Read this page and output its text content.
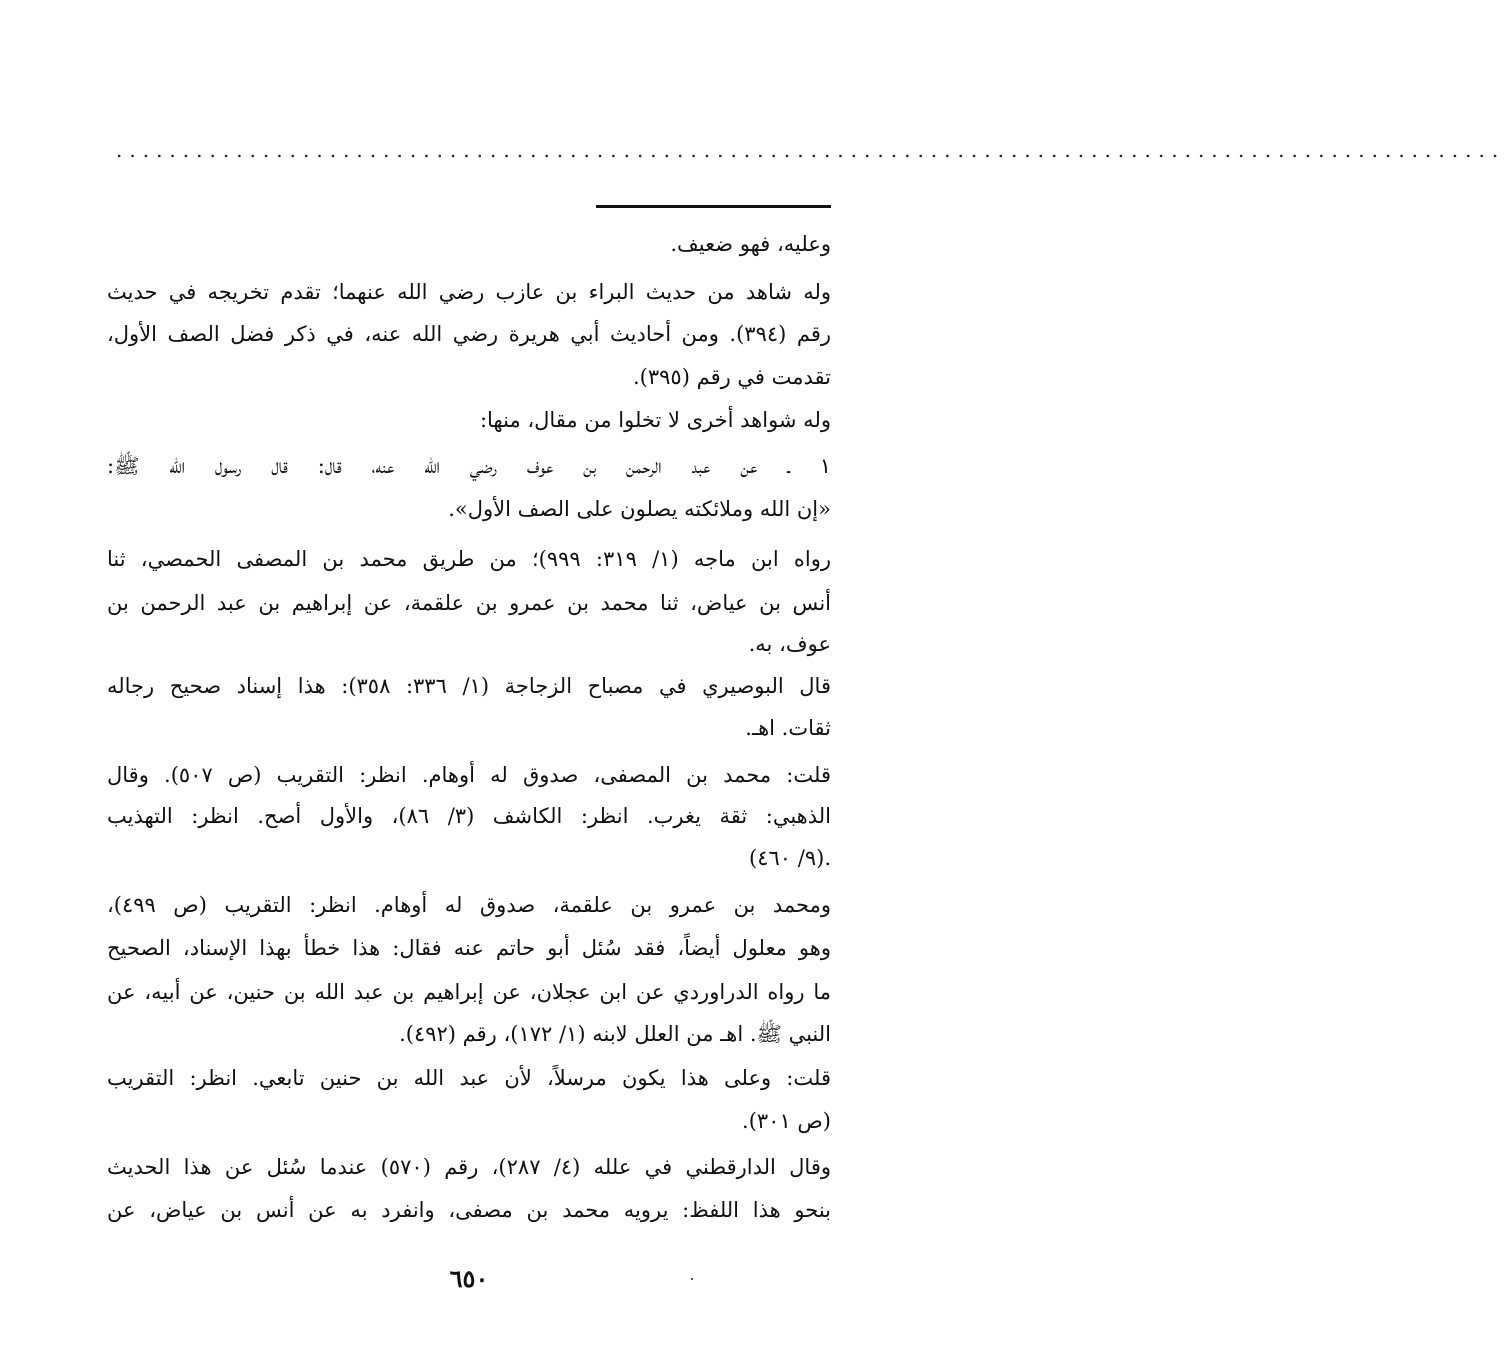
........................................................................................................
وعليه، فهو ضعيف.
وله شاهد من حديث البراء بن عازب رضي الله عنهما؛ تقدم تخريجه في حديث
رقم (٣٩٤). ومن أحاديث أبي هريرة رضي الله عنه، في ذكر فضل الصف الأول،
تقدمت في رقم (٣٩٥).
وله شواهد أخرى لا تخلوا من مقال، منها:
١ ـ عن عبد الرحمن بن عوف رضي الله عنه، قال: قال رسول الله ﷺ:
«إن الله وملائكته يصلون على الصف الأول».
رواه ابن ماجه (١/ ٣١٩: ٩٩٩)؛ من طريق محمد بن المصفى الحمصي، ثنا
أنس بن عياض، ثنا محمد بن عمرو بن علقمة، عن إبراهيم بن عبد الرحمن بن
عوف، به.
قال البوصيري في مصباح الزجاجة (١/ ٣٣٦: ٣٥٨): هذا إسناد صحيح رجاله
ثقات. اهـ.
قلت: محمد بن المصفى، صدوق له أوهام. انظر: التقريب (ص ٥٠٧). وقال
الذهبي: ثقة يغرب. انظر: الكاشف (٣/ ٨٦)، والأول أصح. انظر: التهذيب
(٩/ ٤٦٠).
ومحمد بن عمرو بن علقمة، صدوق له أوهام. انظر: التقريب (ص ٤٩٩)،
وهو معلول أيضاً، فقد سُئل أبو حاتم عنه فقال: هذا خطأ بهذا الإسناد، الصحيح
ما رواه الدراوردي عن ابن عجلان، عن إبراهيم بن عبد الله بن حنين، عن أبيه، عن
النبي ﷺ. اهـ من العلل لابنه (١/ ١٧٢)، رقم (٤٩٢).
قلت: وعلى هذا يكون مرسلاً، لأن عبد الله بن حنين تابعي. انظر: التقريب
(ص ٣٠١).
وقال الدارقطني في علله (٤/ ٢٨٧)، رقم (٥٧٠) عندما سُئل عن هذا الحديث
بنحو هذا اللفظ: يرويه محمد بن مصفى، وانفرد به عن أنس بن عياض، عن
٦٥٠
